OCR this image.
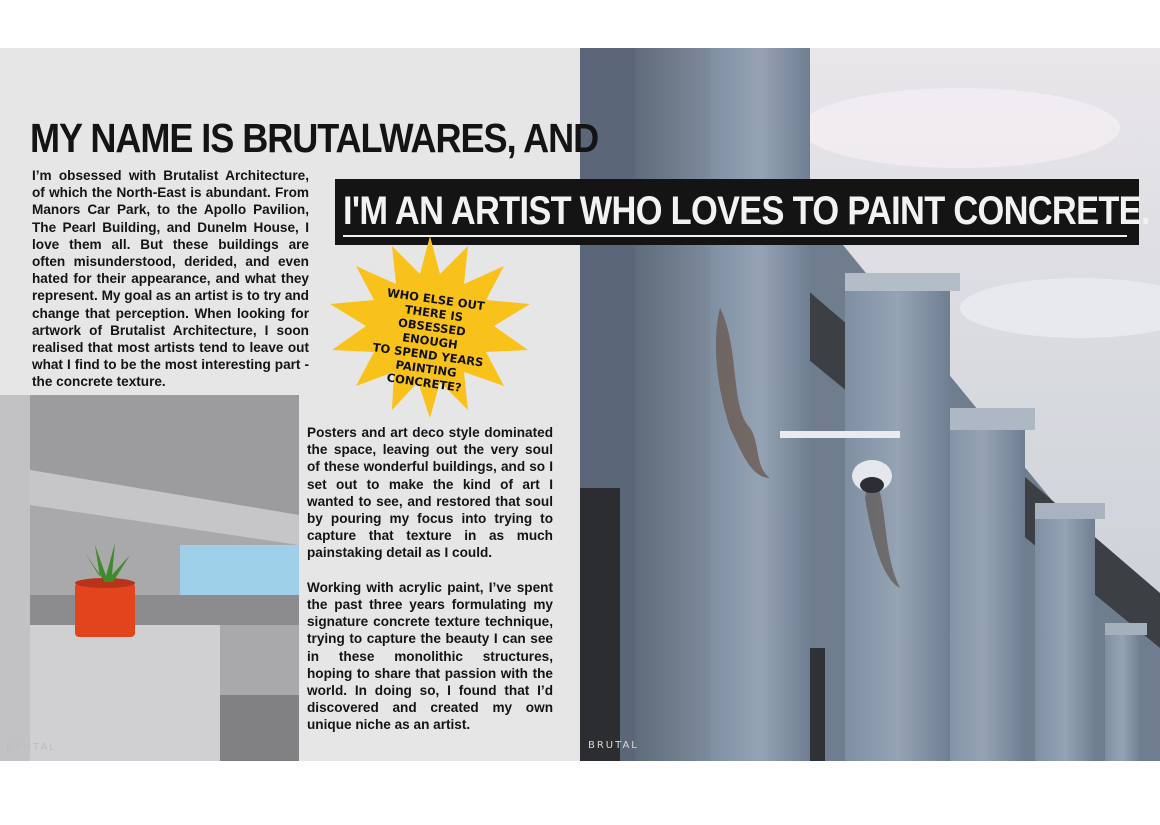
MY NAME IS BRUTALWARES, AND
I'M AN ARTIST WHO LOVES TO PAINT CONCRETE.

I’m obsessed with Brutalist Architecture, of which the North-East is abundant. From Manors Car Park, to the Apollo Pavilion, The Pearl Building, and Dunelm House, I love them all. But these buildings are often misunderstood, derided, and even hated for their appearance, and what they represent. My goal as an artist is to try and change that perception. When looking for artwork of Brutalist Architecture, I soon realised that most artists tend to leave out what I find to be the most interesting part - the concrete texture.

WHO ELSE OUT THERE IS
OBSESSED ENOUGH
TO SPEND YEARS
PAINTING CONCRETE?

Posters and art deco style dominated the space, leaving out the very soul of these wonderful buildings, and so I set out to make the kind of art I wanted to see, and restored that soul by pouring my focus into trying to capture that texture in as much painstaking detail as I could.

Working with acrylic paint, I’ve spent the past three years formulating my signature concrete texture technique, trying to capture the beauty I can see in these monolithic structures, hoping to share that passion with the world. In doing so, I found that I’d discovered and created my own unique niche as an artist.

BRUTAL	BRUTAL
